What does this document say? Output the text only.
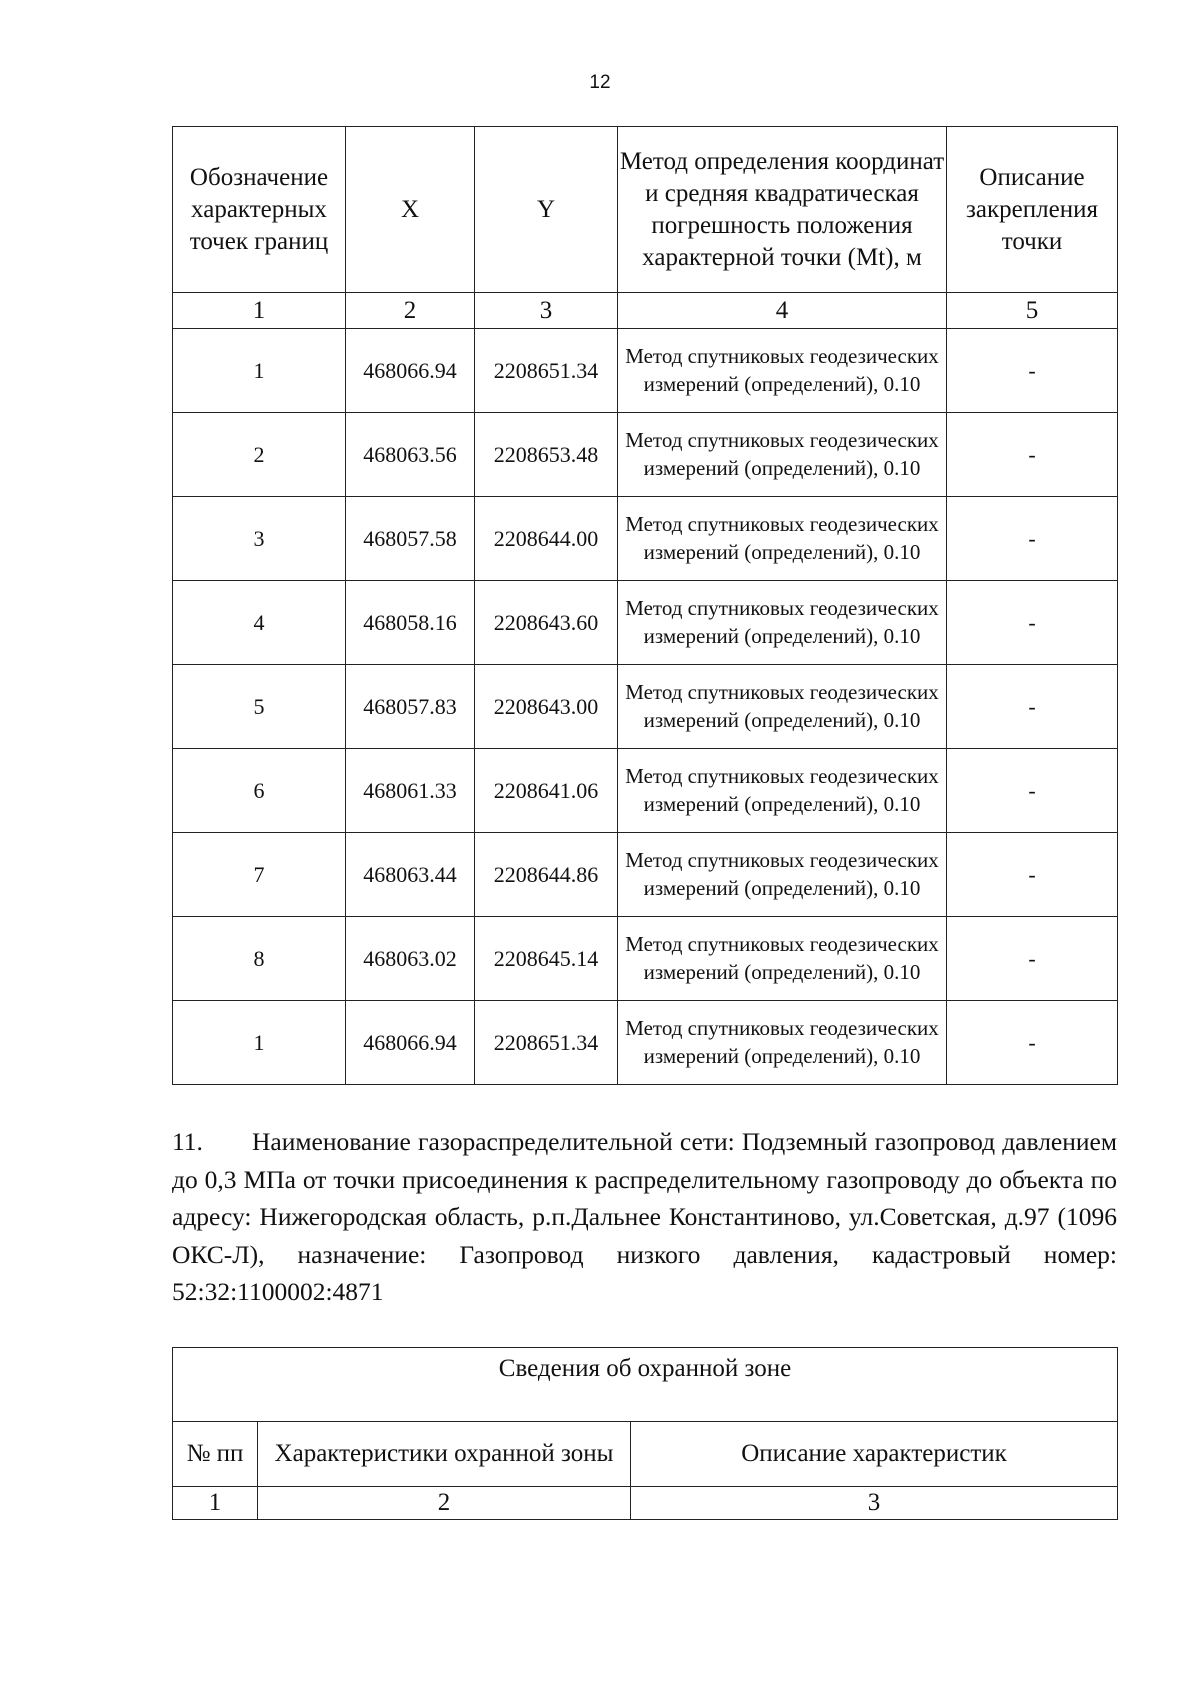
12
Обозначение характерных точек границ	X	Y	Метод определения координат и средняя квадратическая погрешность положения характерной точки (Mt), м	Описание закрепления точки
1	2	3	4	5
1	468066.94	2208651.34	Метод спутниковых геодезических измерений (определений), 0.10	-
2	468063.56	2208653.48	Метод спутниковых геодезических измерений (определений), 0.10	-
3	468057.58	2208644.00	Метод спутниковых геодезических измерений (определений), 0.10	-
4	468058.16	2208643.60	Метод спутниковых геодезических измерений (определений), 0.10	-
5	468057.83	2208643.00	Метод спутниковых геодезических измерений (определений), 0.10	-
6	468061.33	2208641.06	Метод спутниковых геодезических измерений (определений), 0.10	-
7	468063.44	2208644.86	Метод спутниковых геодезических измерений (определений), 0.10	-
8	468063.02	2208645.14	Метод спутниковых геодезических измерений (определений), 0.10	-
1	468066.94	2208651.34	Метод спутниковых геодезических измерений (определений), 0.10	-
11. Наименование газораспределительной сети: Подземный газопровод давлением до 0,3 МПа от точки присоединения к распределительному газопроводу до объекта по адресу: Нижегородская область, р.п.Дальнее Константиново, ул.Советская, д.97 (1096 ОКС-Л), назначение: Газопровод низкого давления, кадастровый номер: 52:32:1100002:4871
Сведения об охранной зоне		
№ пп	Характеристики охранной зоны	Описание характеристик
1	2	3
